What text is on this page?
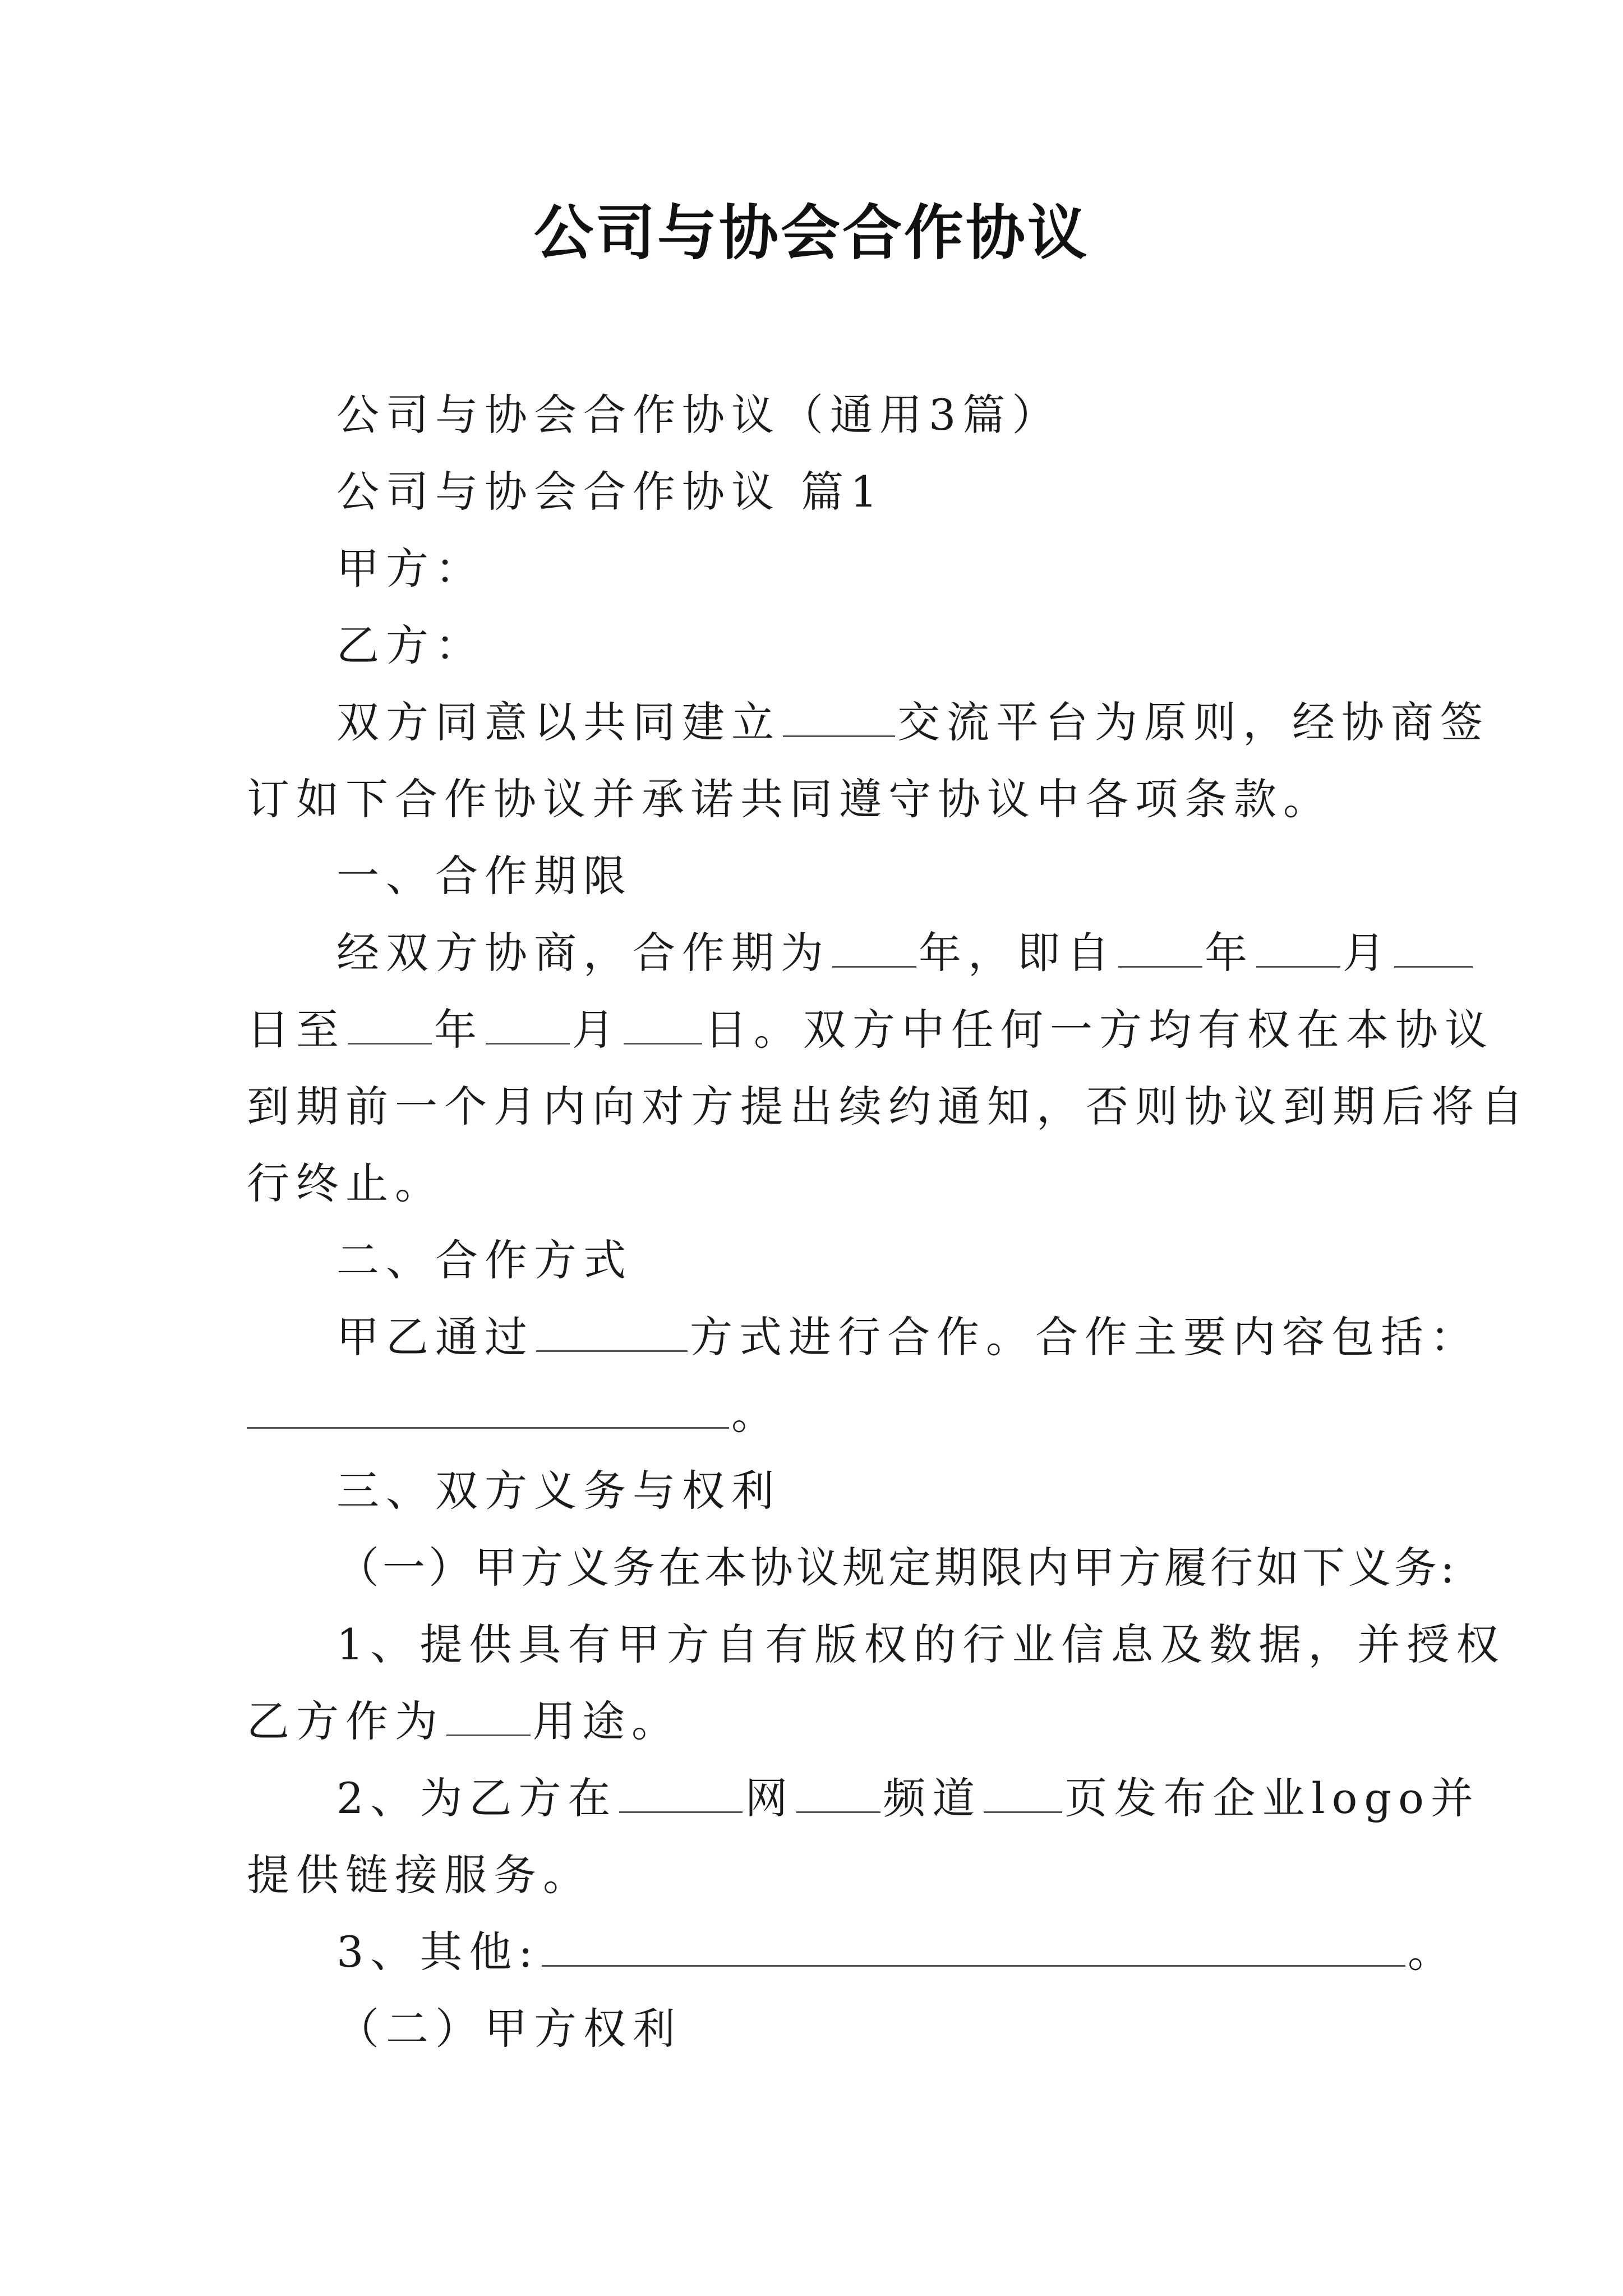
公司与协会合作协议
公司与协会合作协议（通用3篇）
公司与协会合作协议 篇1
甲方：
乙方：
双方同意以共同建立	交流平台为原则，经协商签
订如下合作协议并承诺共同遵守协议中各项条款。
一、合作期限
经双方协商，合作期为 年，即自 年 月
日至 年 月 日。双方中任何一方均有权在本协议
到期前一个月内向对方提出续约通知，否则协议到期后将自
行终止。
二、合作方式
甲乙通过	方式进行合作。合作主要内容包括：
。
三、双方义务与权利
（一）甲方义务在本协议规定期限内甲方履行如下义务:
1、提供具有甲方自有版权的行业信息及数据，并授权
乙方作为 用途。
2、为乙方在	网 频道 页发布企业logo并
提供链接服务。
3、其他:	。
（二）甲方权利
